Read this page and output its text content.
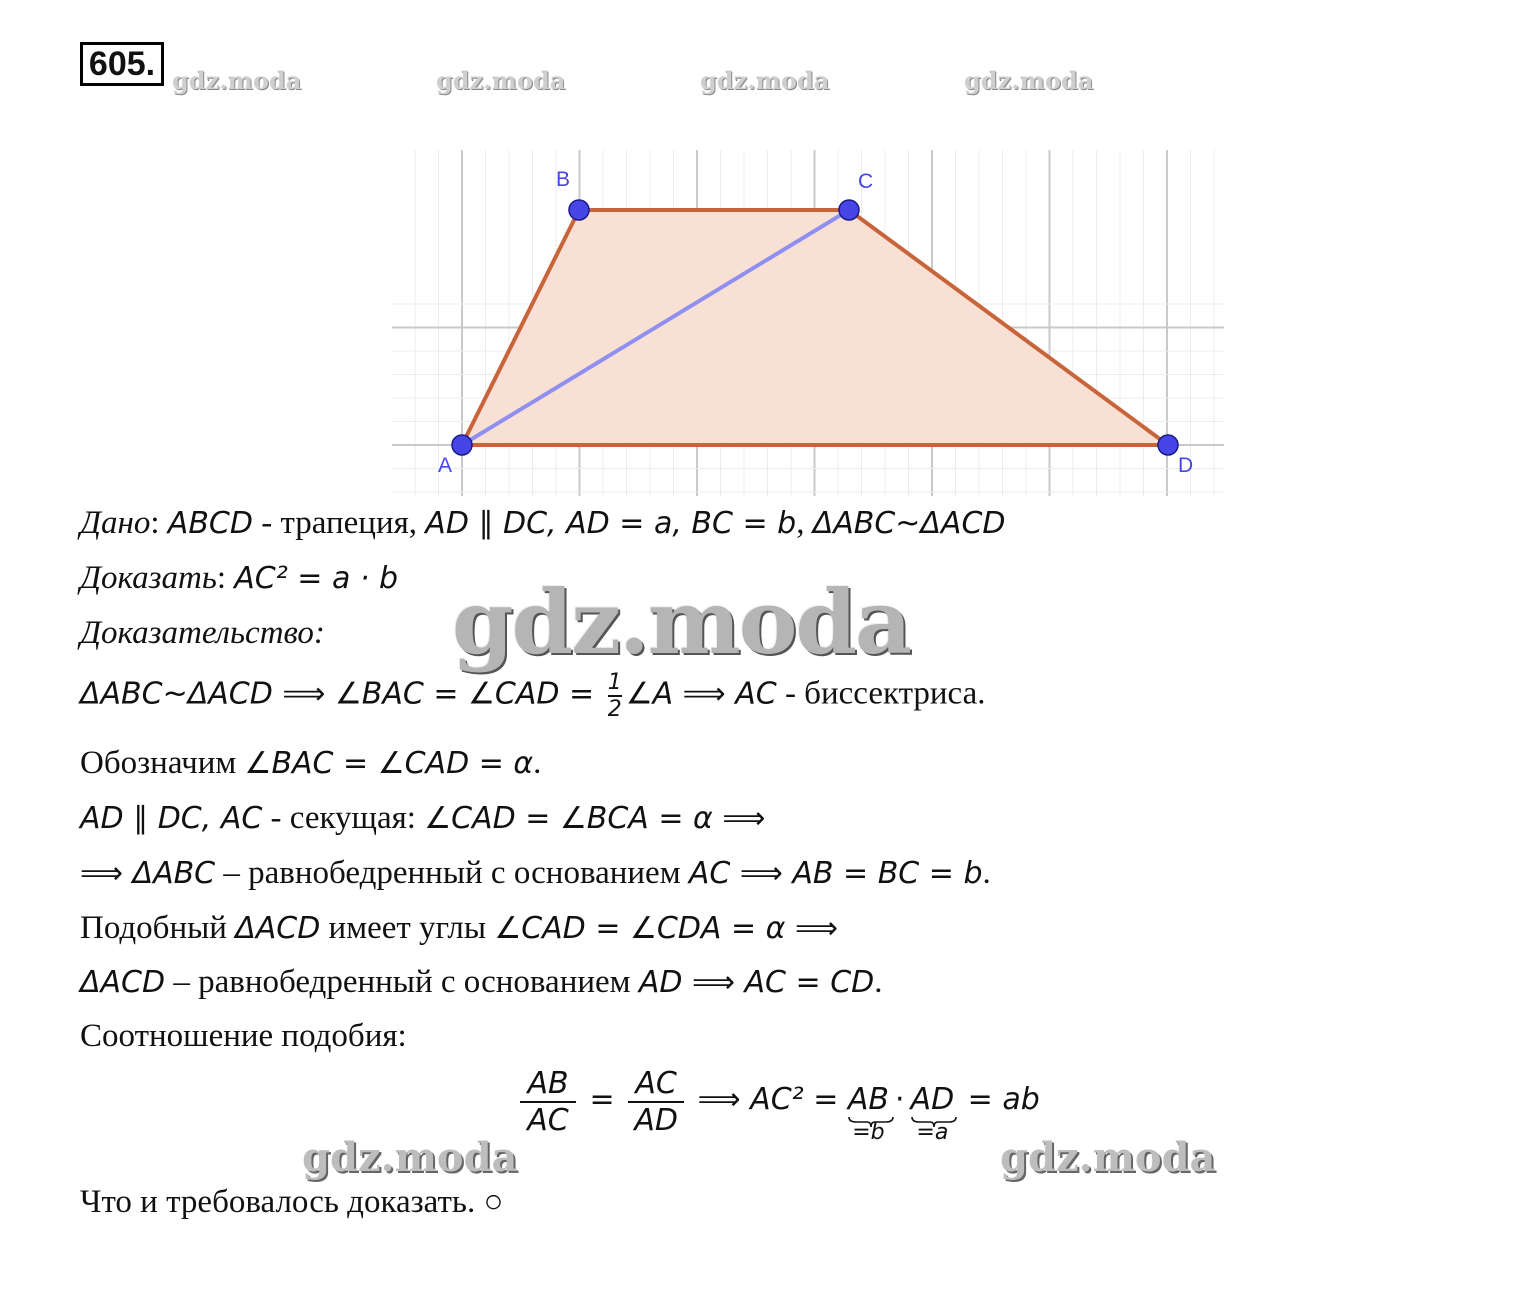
605. gdz.moda	gdz.moda	gdz.moda	gdz.moda
A
B	C
D
Дано: ABCD - трапеция, AD ∥ DC, AD = a, BC = b, ΔABC~ΔACD
Доказать: AC² = a · b
Доказательство: gdz.moda
ΔABC~ΔACD ⟹ ∠BAC = ∠CAD = $\frac{1}{2}$ ∠A ⟹ AC - биссектриса.
Обозначим ∠BAC = ∠CAD = α.
AD ∥ DC, AC - секущая: ∠CAD = ∠BCA = α ⟹
⟹ ΔABC – равнобедренный с основанием AC ⟹ AB = BC = b.
Подобный ΔACD имеет углы ∠CAD = ∠CDA = α ⟹
ΔACD – равнобедренный с основанием AD ⟹ AC = CD.
Соотношение подобия:
$\frac{AB}{AC} = \frac{AC}{AD}$ ⟹ AC² = AB
=b
· AD
=a
= ab
gdz.moda	gdz.moda
Что и требовалось доказать. ○
